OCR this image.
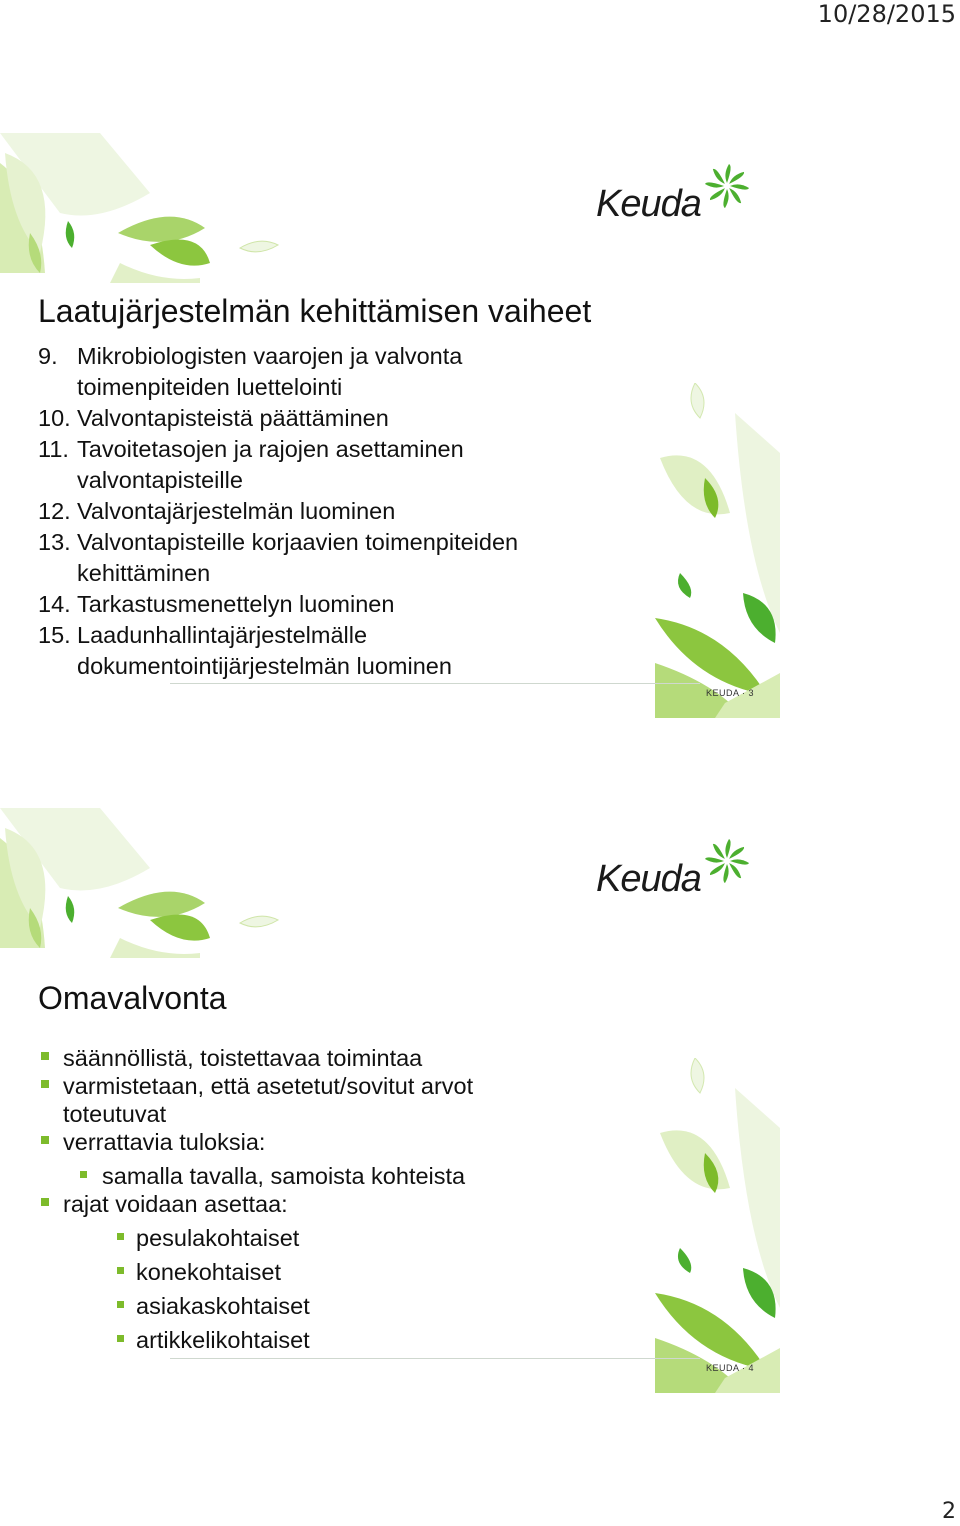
10/28/2015
Keuda
Laatujärjestelmän kehittämisen vaiheet
9. Mikrobiologisten vaarojen ja valvonta toimenpiteiden luettelointi
10. Valvontapisteistä päättäminen
11. Tavoitetasojen ja rajojen asettaminen valvontapisteille
12. Valvontajärjestelmän luominen
13. Valvontapisteille korjaavien toimenpiteiden kehittäminen
14. Tarkastusmenettelyn luominen
15. Laadunhallintajärjestelmälle dokumentointijärjestelmän luominen
KEUDA · 3
Keuda
Omavalvonta
säännöllistä, toistettavaa toimintaa
varmistetaan, että asetetut/sovitut arvot toteutuvat
verrattavia tuloksia:
samalla tavalla, samoista kohteista
rajat voidaan asettaa:
pesulakohtaiset
konekohtaiset
asiakaskohtaiset
artikkelikohtaiset
KEUDA · 4
2
